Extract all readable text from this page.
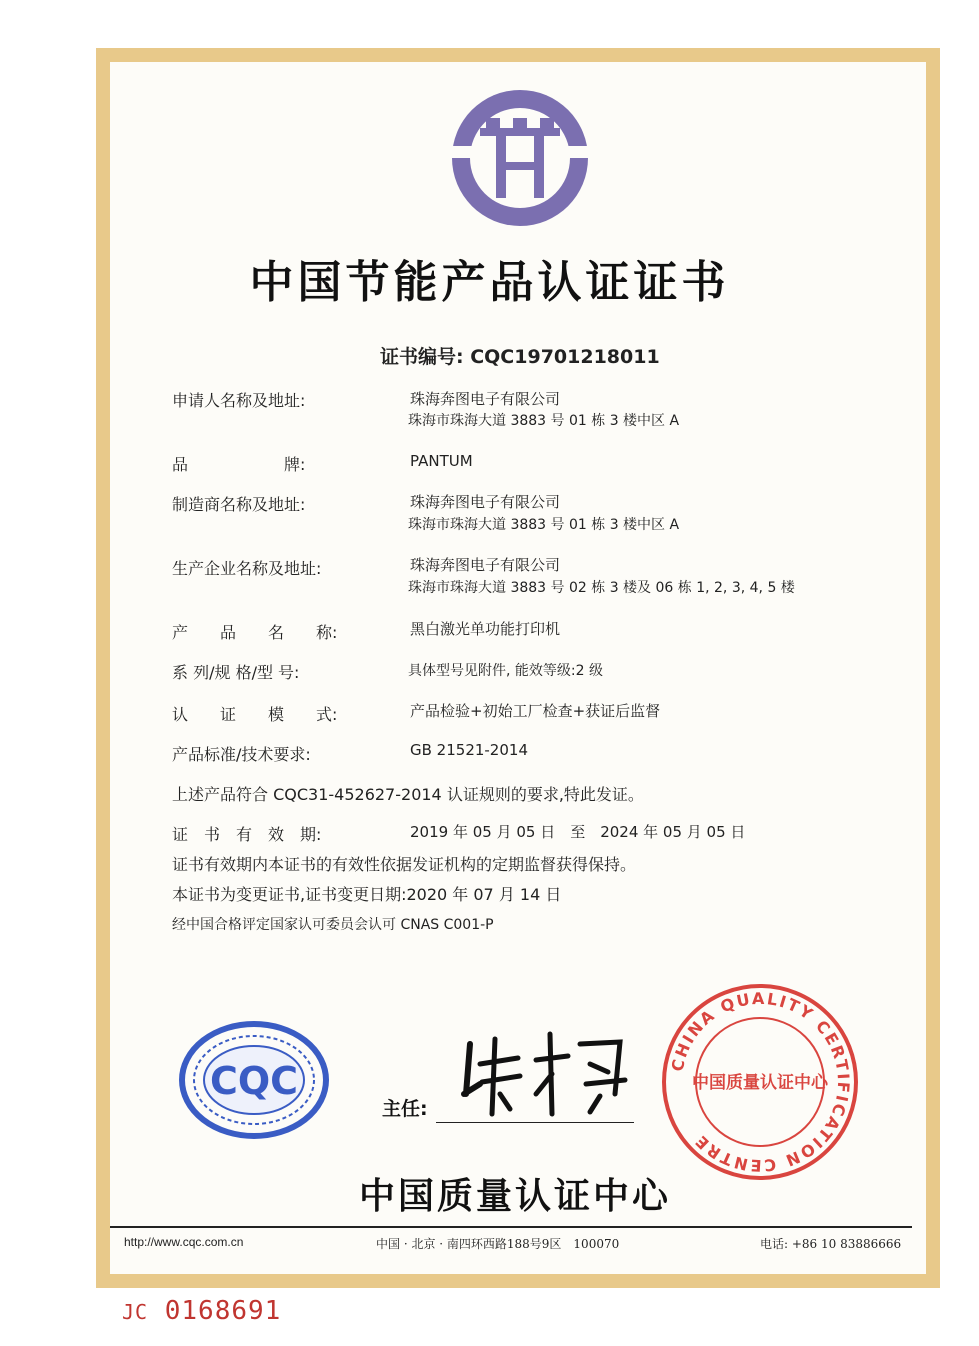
中国节能产品认证证书
证书编号: CQC19701218011
申请人名称及地址:	珠海奔图电子有限公司
珠海市珠海大道 3883 号 01 栋 3 楼中区 A
品　　　　　　牌:	PANTUM
制造商名称及地址:	珠海奔图电子有限公司
珠海市珠海大道 3883 号 01 栋 3 楼中区 A
生产企业名称及地址:	珠海奔图电子有限公司
珠海市珠海大道 3883 号 02 栋 3 楼及 06 栋 1, 2, 3, 4, 5 楼
产　　品　　名　　称:	黑白激光单功能打印机
系 列/规 格/型 号:	具体型号见附件, 能效等级:2 级
认　　证　　模　　式:	产品检验+初始工厂检查+获证后监督
产品标准/技术要求:	GB 21521-2014
上述产品符合 CQC31-452627-2014 认证规则的要求,特此发证。
证　书　有　效　期:	2019 年 05 月 05 日　至　2024 年 05 月 05 日
证书有效期内本证书的有效性依据发证机构的定期监督获得保持。
本证书为变更证书,证书变更日期:2020 年 07 月 14 日
经中国合格评定国家认可委员会认可 CNAS C001-P
CQC
主任:
CHINA QUALITY CERTIFICATION CENTRE
中国质量认证中心
中国质量认证中心
http://www.cqc.com.cn	中国 · 北京 · 南四环西路188号9区　100070	电话: +86 10 83886666
JC 0168691
